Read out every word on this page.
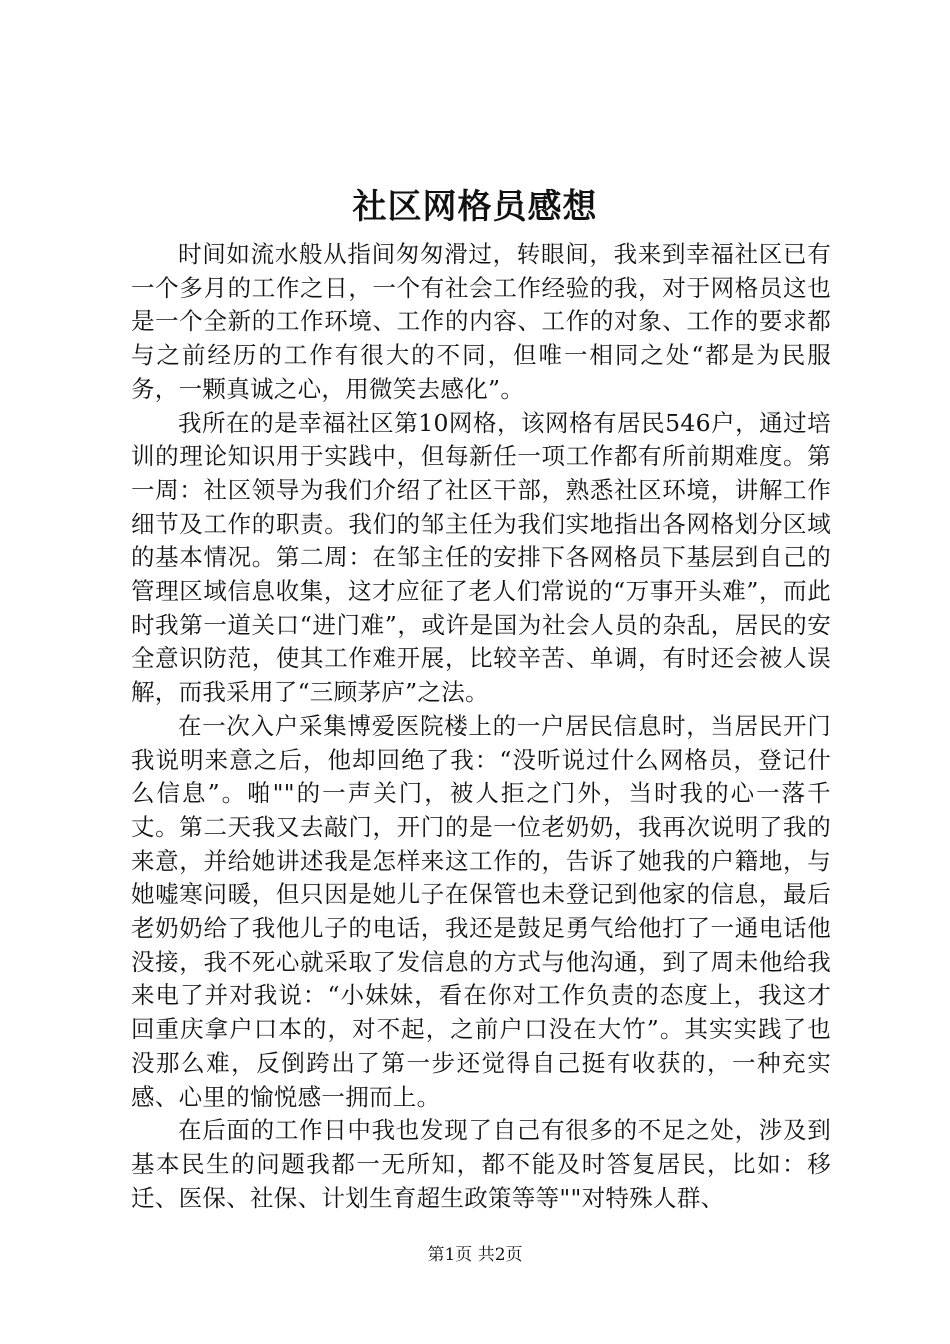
社区网格员感想

时间如流水般从指间匆匆滑过，转眼间，我来到幸福社区已有一个多月的工作之日，一个有社会工作经验的我，对于网格员这也是一个全新的工作环境、工作的内容、工作的对象、工作的要求都与之前经历的工作有很大的不同，但唯一相同之处“都是为民服务，一颗真诚之心，用微笑去感化”。

我所在的是幸福社区第10网格，该网格有居民546户，通过培训的理论知识用于实践中，但每新任一项工作都有所前期难度。第一周：社区领导为我们介绍了社区干部，熟悉社区环境，讲解工作细节及工作的职责。我们的邹主任为我们实地指出各网格划分区域的基本情况。第二周：在邹主任的安排下各网格员下基层到自己的管理区域信息收集，这才应征了老人们常说的“万事开头难”，而此时我第一道关口“进门难”，或许是国为社会人员的杂乱，居民的安全意识防范，使其工作难开展，比较辛苦、单调，有时还会被人误解，而我采用了“三顾茅庐”之法。

在一次入户采集博爱医院楼上的一户居民信息时，当居民开门我说明来意之后，他却回绝了我：“没听说过什么网格员，登记什么信息”。啪""的一声关门，被人拒之门外，当时我的心一落千丈。第二天我又去敲门，开门的是一位老奶奶，我再次说明了我的来意，并给她讲述我是怎样来这工作的，告诉了她我的户籍地，与她嘘寒问暖，但只因是她儿子在保管也未登记到他家的信息，最后老奶奶给了我他儿子的电话，我还是鼓足勇气给他打了一通电话他没接，我不死心就采取了发信息的方式与他沟通，到了周未他给我来电了并对我说：“小妹妹，看在你对工作负责的态度上，我这才回重庆拿户口本的，对不起，之前户口没在大竹”。其实实践了也没那么难，反倒跨出了第一步还觉得自己挺有收获的，一种充实感、心里的愉悦感一拥而上。

在后面的工作日中我也发现了自己有很多的不足之处，涉及到基本民生的问题我都一无所知，都不能及时答复居民，比如：移迁、医保、社保、计划生育超生政策等等""对特殊人群、

第1页 共2页
